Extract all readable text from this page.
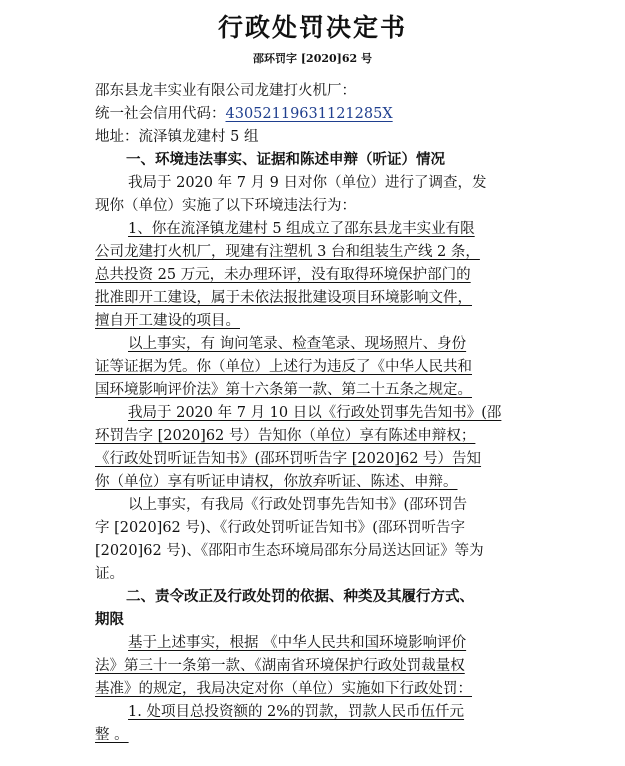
行政处罚决定书
邵环罚字 [2020]62 号
邵东县龙丰实业有限公司龙建打火机厂：
统一社会信用代码：43052119631121285X
地址：流泽镇龙建村 5 组
一、环境违法事实、证据和陈述申辩（听证）情况
我局于 2020 年 7 月 9 日对你（单位）进行了调查，发
现你（单位）实施了以下环境违法行为：
1、你在流泽镇龙建村 5 组成立了邵东县龙丰实业有限
公司龙建打火机厂，现建有注塑机 3 台和组装生产线 2 条，
总共投资 25 万元，未办理环评，没有取得环境保护部门的
批准即开工建设，属于未依法报批建设项目环境影响文件，
擅自开工建设的项目。
以上事实，有 询问笔录、检查笔录、现场照片、身份
证等证据为凭。你（单位）上述行为违反了《中华人民共和
国环境影响评价法》第十六条第一款、第二十五条之规定。
我局于 2020 年 7 月 10 日以《行政处罚事先告知书》(邵
环罚告字 [2020]62 号）告知你（单位）享有陈述申辩权；
《行政处罚听证告知书》(邵环罚听告字 [2020]62 号）告知
你（单位）享有听证申请权，你放弃听证、陈述、申辩。
以上事实，有我局《行政处罚事先告知书》(邵环罚告
字 [2020]62 号)、《行政处罚听证告知书》(邵环罚听告字
[2020]62 号)、《邵阳市生态环境局邵东分局送达回证》等为
证。
二、责令改正及行政处罚的依据、种类及其履行方式、
期限
基于上述事实，根据 《中华人民共和国环境影响评价
法》第三十一条第一款、《湖南省环境保护行政处罚裁量权
基准》的规定，我局决定对你（单位）实施如下行政处罚：
1. 处项目总投资额的 2%的罚款，罚款人民币伍仟元
整 。
